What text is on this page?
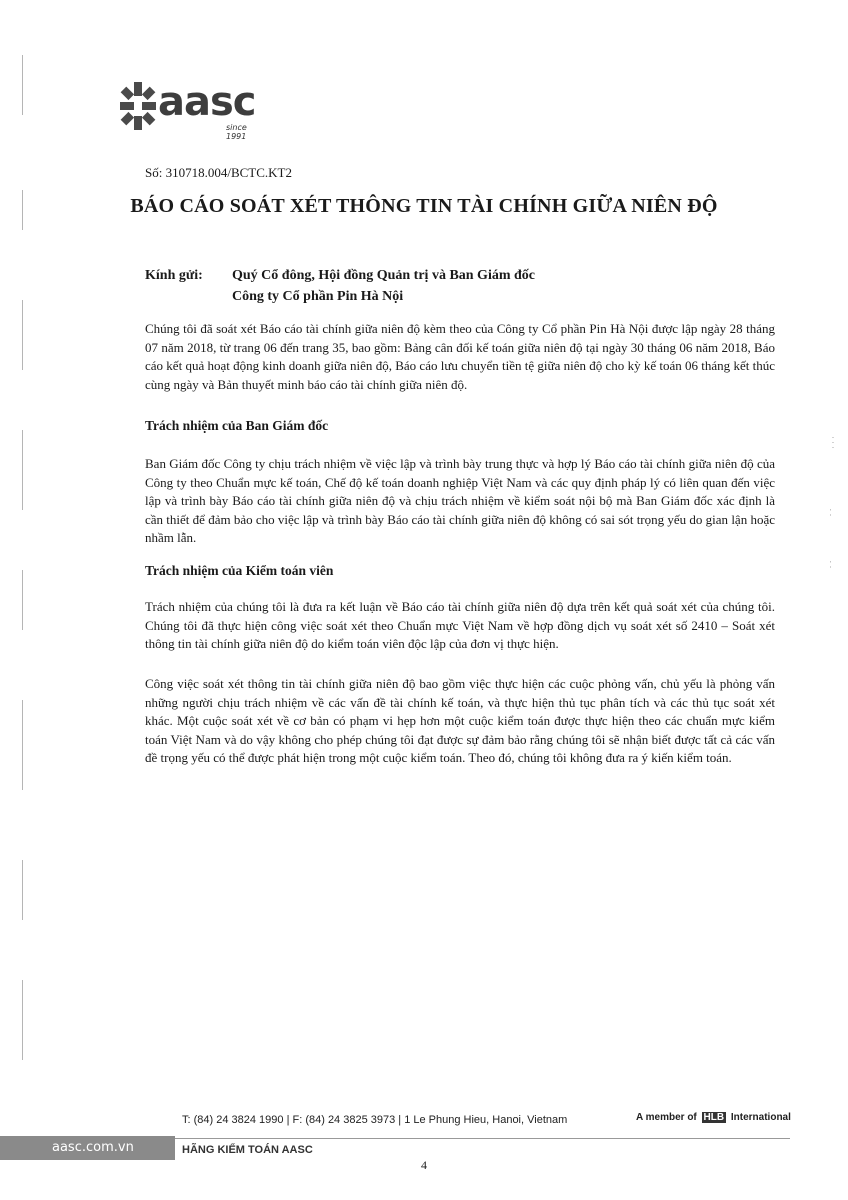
· · ·
· ·
· ·
aasc
since 1991
Số: 310718.004/BCTC.KT2
BÁO CÁO SOÁT XÉT THÔNG TIN TÀI CHÍNH GIỮA NIÊN ĐỘ
Kính gửi: Quý Cổ đông, Hội đồng Quản trị và Ban Giám đốc
Công ty Cổ phần Pin Hà Nội
Chúng tôi đã soát xét Báo cáo tài chính giữa niên độ kèm theo của Công ty Cổ phần Pin Hà Nội được lập ngày 28 tháng 07 năm 2018, từ trang 06 đến trang 35, bao gồm: Bảng cân đối kế toán giữa niên độ tại ngày 30 tháng 06 năm 2018, Báo cáo kết quả hoạt động kinh doanh giữa niên độ, Báo cáo lưu chuyển tiền tệ giữa niên độ cho kỳ kế toán 06 tháng kết thúc cùng ngày và Bản thuyết minh báo cáo tài chính giữa niên độ.
Trách nhiệm của Ban Giám đốc
Ban Giám đốc Công ty chịu trách nhiệm về việc lập và trình bày trung thực và hợp lý Báo cáo tài chính giữa niên độ của Công ty theo Chuẩn mực kế toán, Chế độ kế toán doanh nghiệp Việt Nam và các quy định pháp lý có liên quan đến việc lập và trình bày Báo cáo tài chính giữa niên độ và chịu trách nhiệm về kiểm soát nội bộ mà Ban Giám đốc xác định là cần thiết để đảm bảo cho việc lập và trình bày Báo cáo tài chính giữa niên độ không có sai sót trọng yếu do gian lận hoặc nhầm lẫn.
Trách nhiệm của Kiểm toán viên
Trách nhiệm của chúng tôi là đưa ra kết luận về Báo cáo tài chính giữa niên độ dựa trên kết quả soát xét của chúng tôi. Chúng tôi đã thực hiện công việc soát xét theo Chuẩn mực Việt Nam về hợp đồng dịch vụ soát xét số 2410 – Soát xét thông tin tài chính giữa niên độ do kiểm toán viên độc lập của đơn vị thực hiện.
Công việc soát xét thông tin tài chính giữa niên độ bao gồm việc thực hiện các cuộc phỏng vấn, chủ yếu là phỏng vấn những người chịu trách nhiệm về các vấn đề tài chính kế toán, và thực hiện thủ tục phân tích và các thủ tục soát xét khác. Một cuộc soát xét về cơ bản có phạm vi hẹp hơn một cuộc kiểm toán được thực hiện theo các chuẩn mực kiểm toán Việt Nam và do vậy không cho phép chúng tôi đạt được sự đảm bảo rằng chúng tôi sẽ nhận biết được tất cả các vấn đề trọng yếu có thể được phát hiện trong một cuộc kiểm toán. Theo đó, chúng tôi không đưa ra ý kiến kiểm toán.
T: (84) 24 3824 1990 | F: (84) 24 3825 3973 | 1 Le Phung Hieu, Hanoi, Vietnam	A member of HLB International
aasc.com.vn	HÃNG KIỂM TOÁN AASC
4
